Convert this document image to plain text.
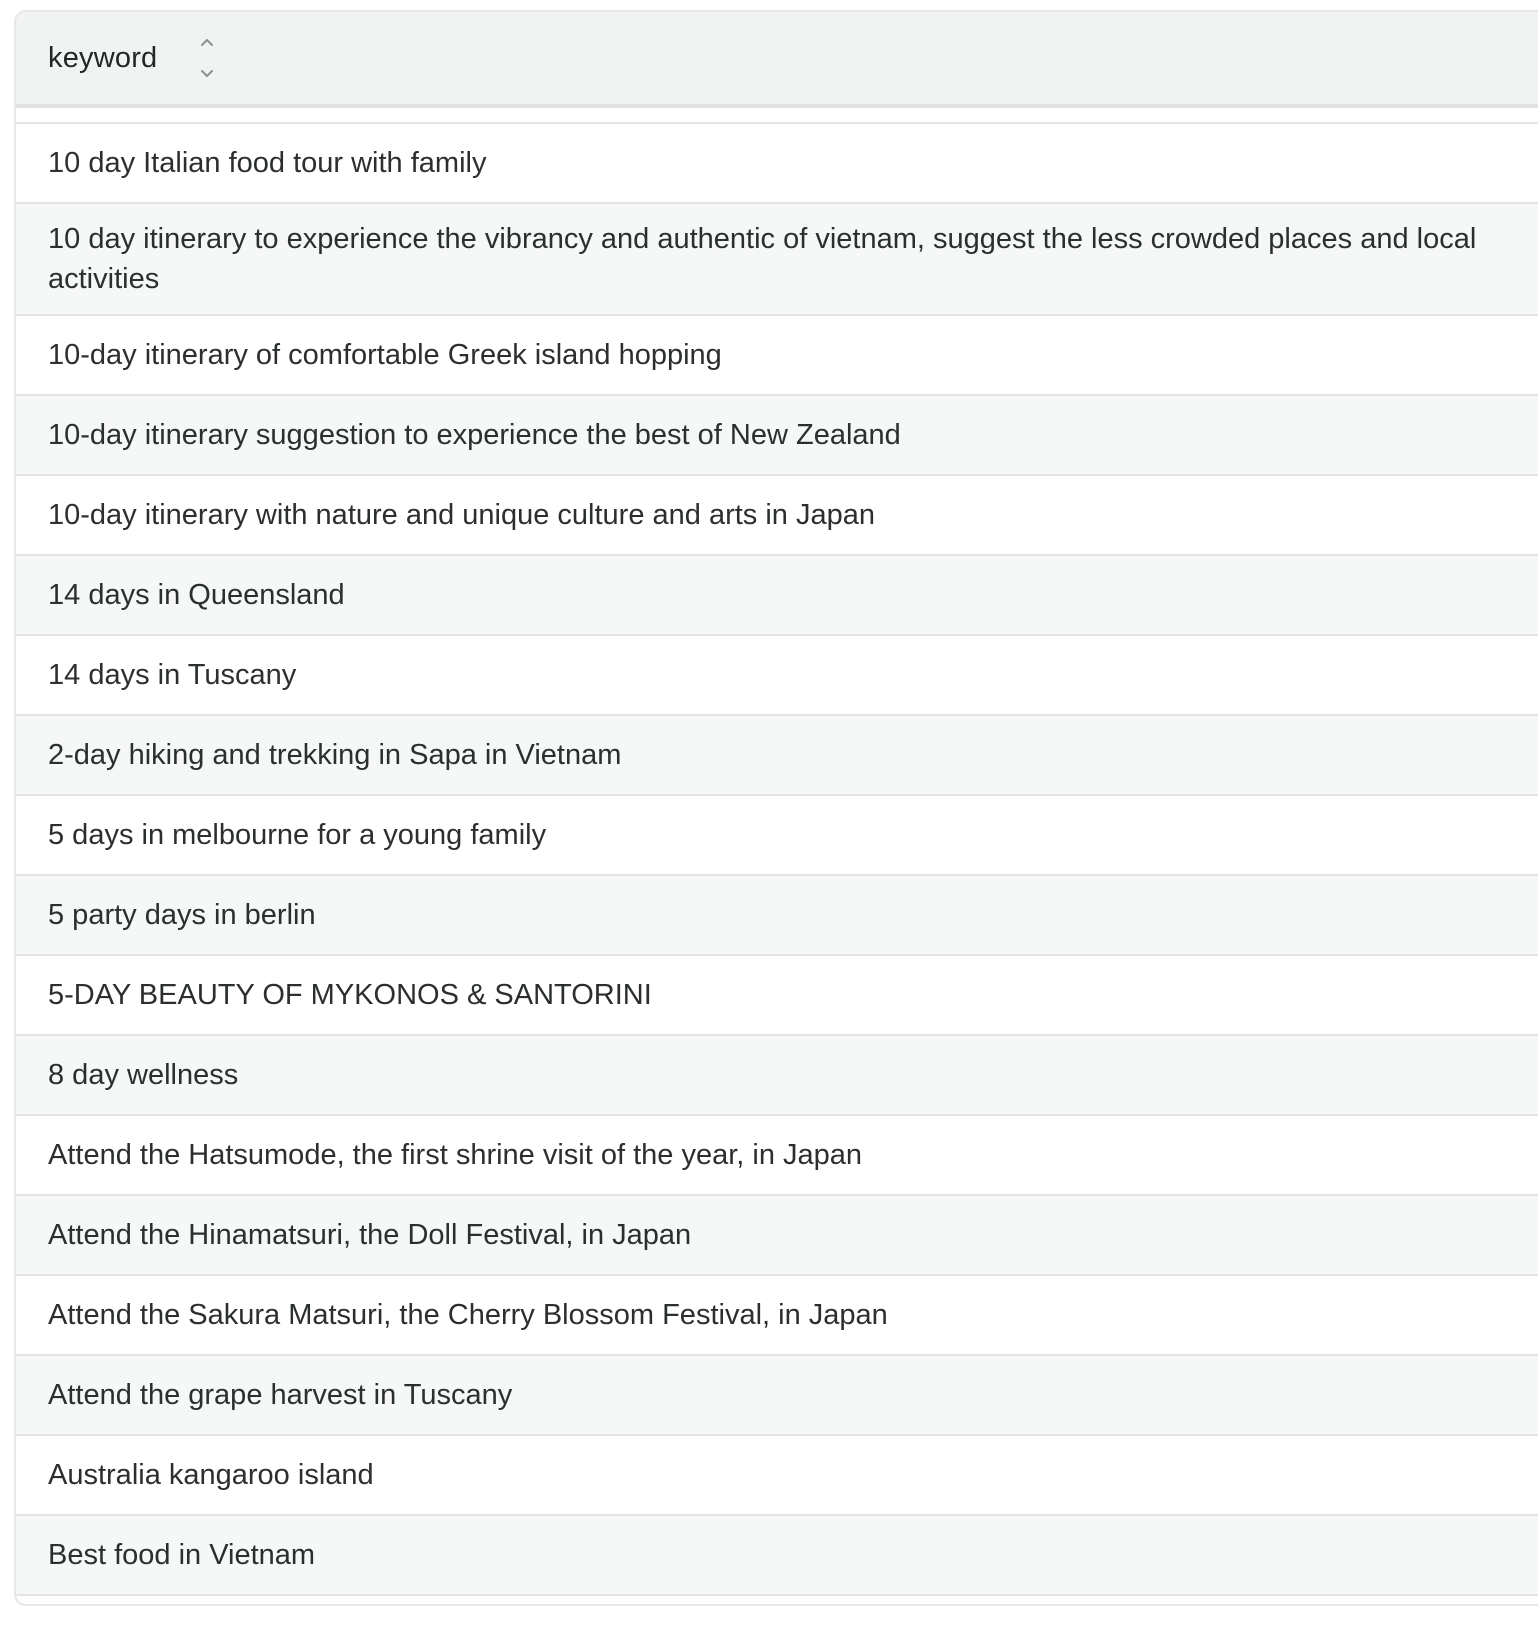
keyword
10 day Italian food tour with family
10 day itinerary to experience the vibrancy and authentic of vietnam, suggest the less crowded places and local activities
10-day itinerary of comfortable Greek island hopping
10-day itinerary suggestion to experience the best of New Zealand
10-day itinerary with nature and unique culture and arts in Japan
14 days in Queensland
14 days in Tuscany
2-day hiking and trekking in Sapa in Vietnam
5 days in melbourne for a young family
5 party days in berlin
5-DAY BEAUTY OF MYKONOS & SANTORINI
8 day wellness
Attend the Hatsumode, the first shrine visit of the year, in Japan
Attend the Hinamatsuri, the Doll Festival, in Japan
Attend the Sakura Matsuri, the Cherry Blossom Festival, in Japan
Attend the grape harvest in Tuscany
Australia kangaroo island
Best food in Vietnam
